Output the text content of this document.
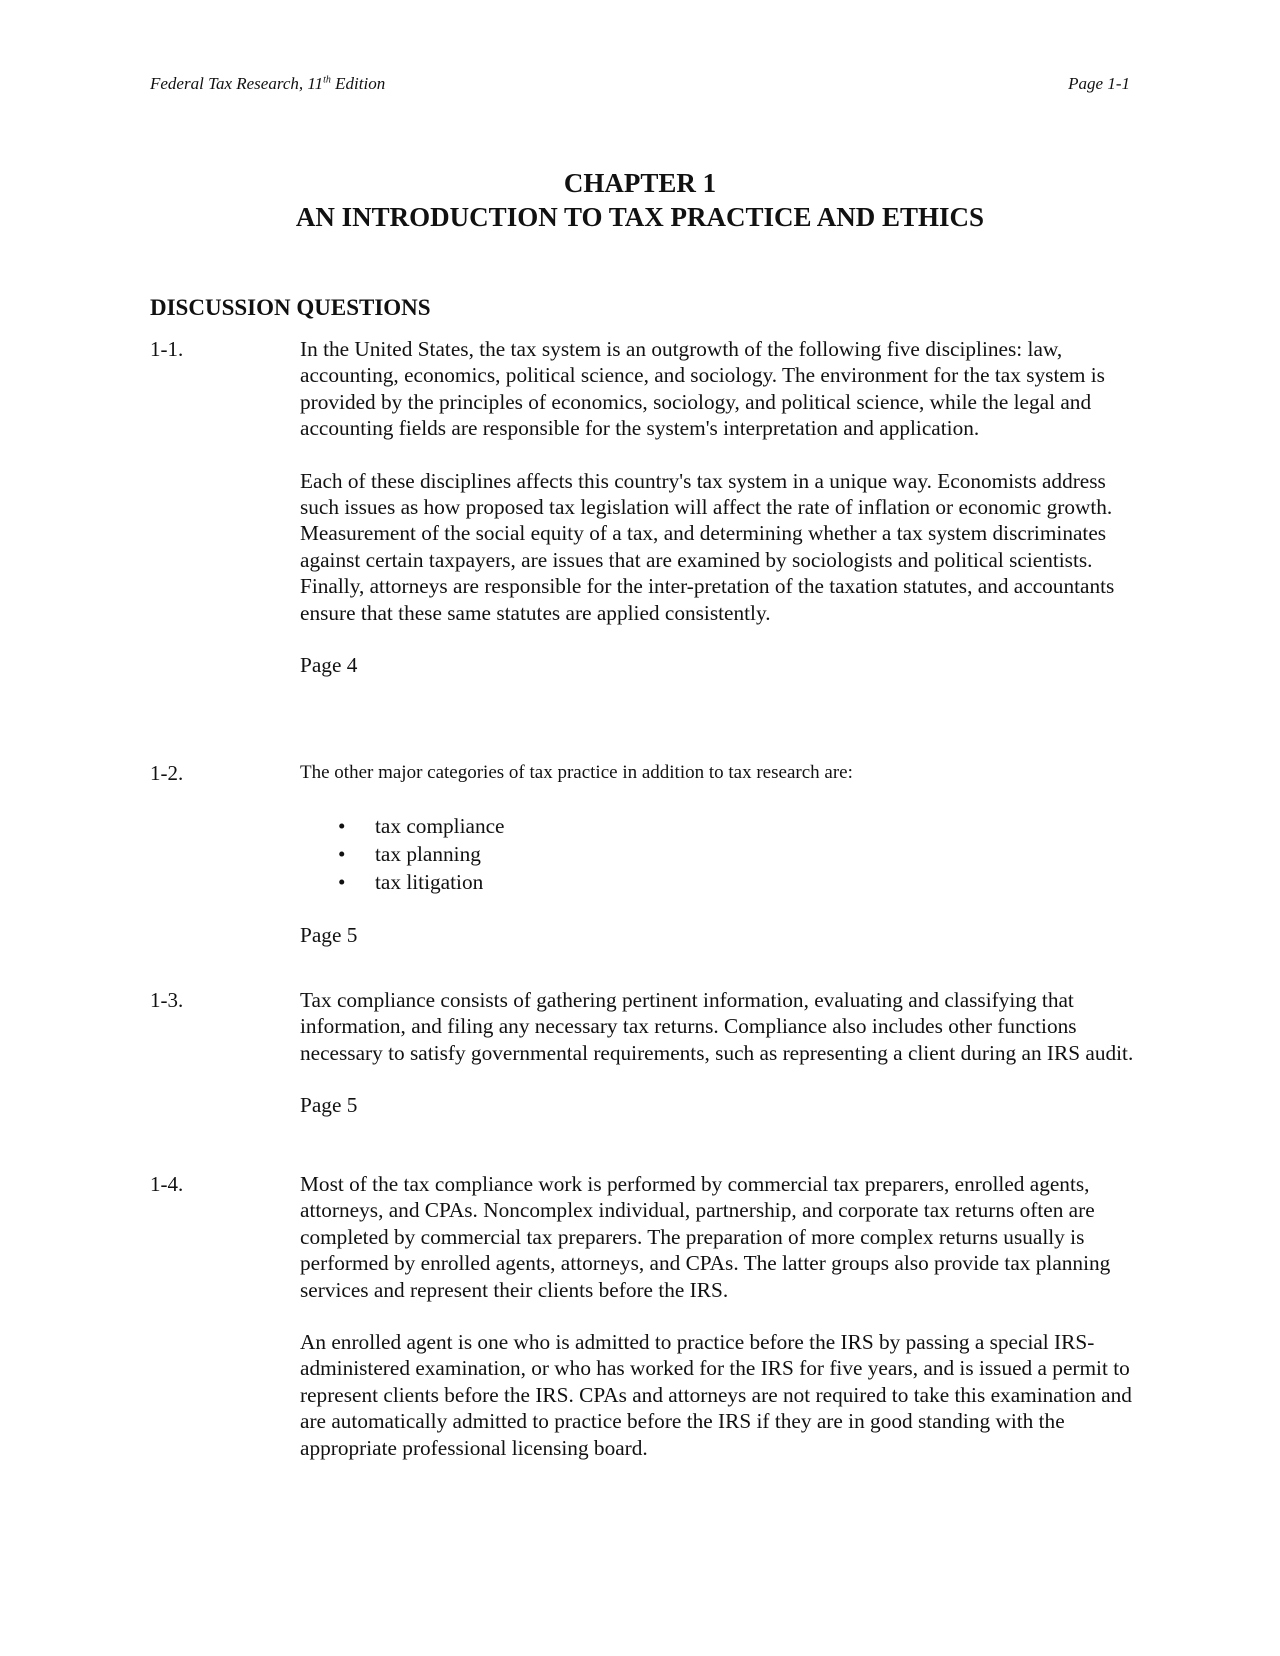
Federal Tax Research, 11th Edition	Page 1-1
CHAPTER 1
AN INTRODUCTION TO TAX PRACTICE AND ETHICS
DISCUSSION QUESTIONS
1-1.	In the United States, the tax system is an outgrowth of the following five disciplines: law, accounting, economics, political science, and sociology. The environment for the tax system is provided by the principles of economics, sociology, and political science, while the legal and accounting fields are responsible for the system's interpretation and application.

Each of these disciplines affects this country's tax system in a unique way. Economists address such issues as how proposed tax legislation will affect the rate of inflation or economic growth. Measurement of the social equity of a tax, and determining whether a tax system discriminates against certain taxpayers, are issues that are examined by sociologists and political scientists. Finally, attorneys are responsible for the inter-pretation of the taxation statutes, and accountants ensure that these same statutes are applied consistently.

Page 4

1-2.	The other major categories of tax practice in addition to tax research are:

• tax compliance
• tax planning
• tax litigation

Page 5

1-3.	Tax compliance consists of gathering pertinent information, evaluating and classifying that information, and filing any necessary tax returns. Compliance also includes other functions necessary to satisfy governmental requirements, such as representing a client during an IRS audit.

Page 5

1-4.	Most of the tax compliance work is performed by commercial tax preparers, enrolled agents, attorneys, and CPAs. Noncomplex individual, partnership, and corporate tax returns often are completed by commercial tax preparers. The preparation of more complex returns usually is performed by enrolled agents, attorneys, and CPAs. The latter groups also provide tax planning services and represent their clients before the IRS.

An enrolled agent is one who is admitted to practice before the IRS by passing a special IRS-administered examination, or who has worked for the IRS for five years, and is issued a permit to represent clients before the IRS. CPAs and attorneys are not required to take this examination and are automatically admitted to practice before the IRS if they are in good standing with the appropriate professional licensing board.
